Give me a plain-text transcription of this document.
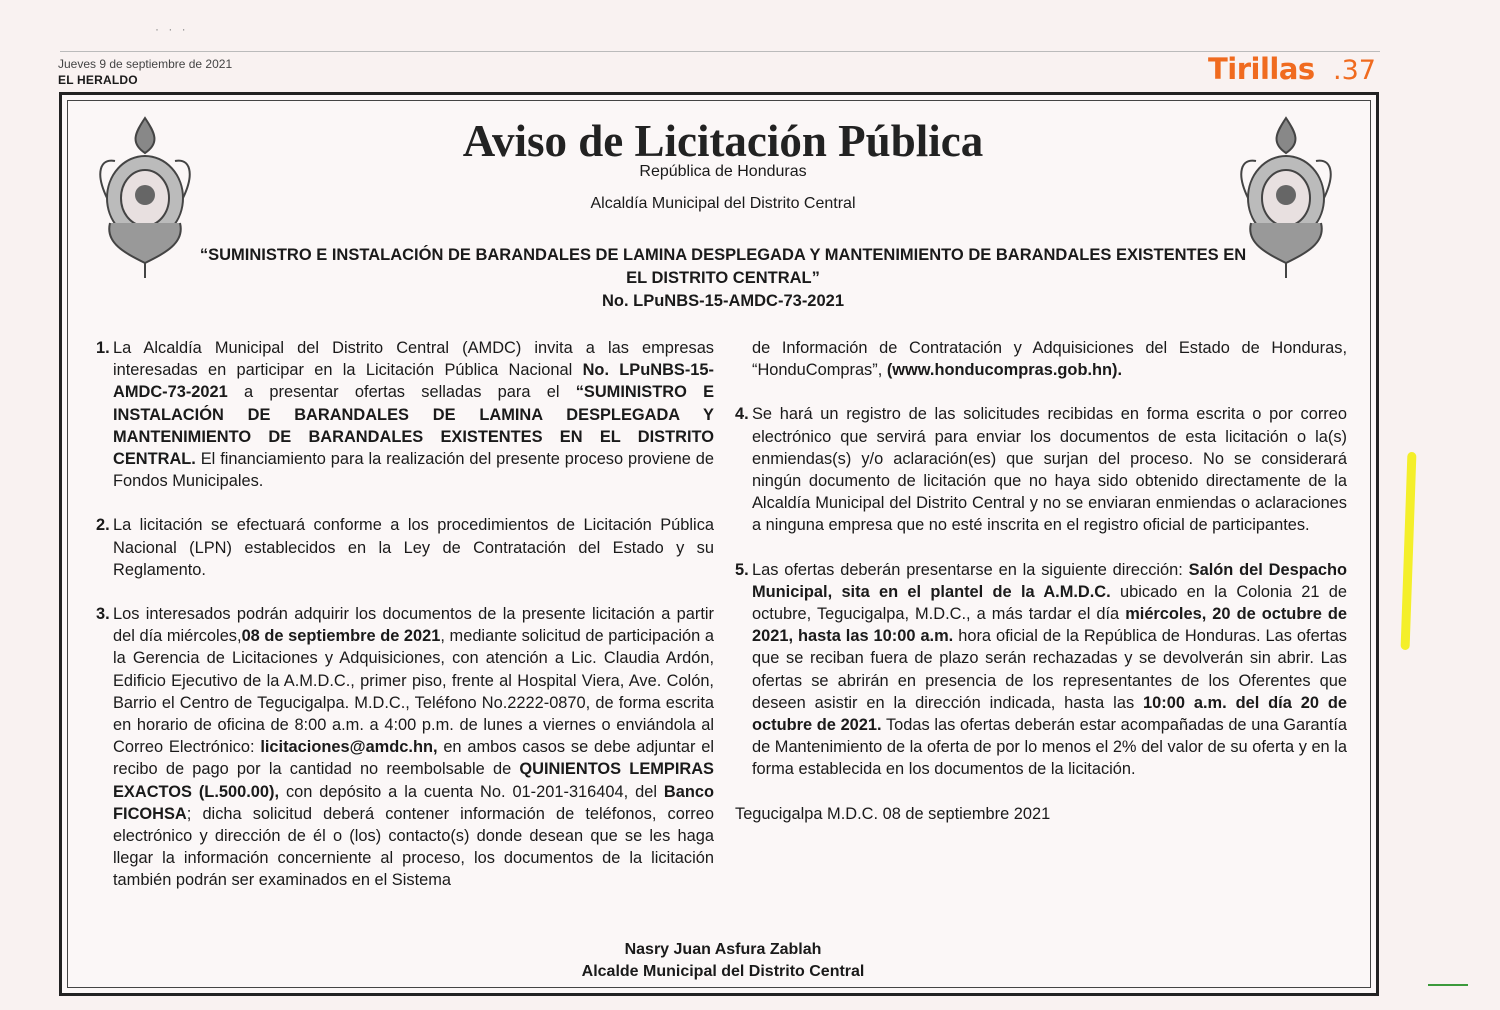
· · ·
Jueves 9 de septiembre de 2021
EL HERALDO	Tirillas .37
Aviso de Licitación Pública
República de Honduras
Alcaldía Municipal del Distrito Central
“SUMINISTRO E INSTALACIÓN DE BARANDALES DE LAMINA DESPLEGADA Y MANTENIMIENTO DE BARANDALES EXISTENTES EN EL DISTRITO CENTRAL”
No. LPuNBS-15-AMDC-73-2021
1. La Alcaldía Municipal del Distrito Central (AMDC) invita a las empresas interesadas en participar en la Licitación Pública Nacional No. LPuNBS-15-AMDC-73-2021 a presentar ofertas selladas para el “SUMINISTRO E INSTALACIÓN DE BARANDALES DE LAMINA DESPLEGADA Y MANTENIMIENTO DE BARANDALES EXISTENTES EN EL DISTRITO CENTRAL. El financiamiento para la realización del presente proceso proviene de Fondos Municipales.

2. La licitación se efectuará conforme a los procedimientos de Licitación Pública Nacional (LPN) establecidos en la Ley de Contratación del Estado y su Reglamento.

3. Los interesados podrán adquirir los documentos de la presente licitación a partir del día miércoles,08 de septiembre de 2021, mediante solicitud de participación a la Gerencia de Licitaciones y Adquisiciones, con atención a Lic. Claudia Ardón, Edificio Ejecutivo de la A.M.D.C., primer piso, frente al Hospital Viera, Ave. Colón, Barrio el Centro de Tegucigalpa. M.D.C., Teléfono No.2222-0870, de forma escrita en horario de oficina de 8:00 a.m. a 4:00 p.m. de lunes a viernes o enviándola al Correo Electrónico: licitaciones@amdc.hn, en ambos casos se debe adjuntar el recibo de pago por la cantidad no reembolsable de QUINIENTOS LEMPIRAS EXACTOS (L.500.00), con depósito a la cuenta No. 01-201-316404, del Banco FICOHSA; dicha solicitud deberá contener información de teléfonos, correo electrónico y dirección de él o (los) contacto(s) donde desean que se les haga llegar la información concerniente al proceso, los documentos de la licitación también podrán ser examinados en el Sistema

de Información de Contratación y Adquisiciones del Estado de Honduras, “HonduCompras”, (www.honducompras.gob.hn).

4. Se hará un registro de las solicitudes recibidas en forma escrita o por correo electrónico que servirá para enviar los documentos de esta licitación o la(s) enmiendas(s) y/o aclaración(es) que surjan del proceso. No se considerará ningún documento de licitación que no haya sido obtenido directamente de la Alcaldía Municipal del Distrito Central y no se enviaran enmiendas o aclaraciones a ninguna empresa que no esté inscrita en el registro oficial de participantes.

5. Las ofertas deberán presentarse en la siguiente dirección: Salón del Despacho Municipal, sita en el plantel de la A.M.D.C. ubicado en la Colonia 21 de octubre, Tegucigalpa, M.D.C., a más tardar el día miércoles, 20 de octubre de 2021, hasta las 10:00 a.m. hora oficial de la República de Honduras. Las ofertas que se reciban fuera de plazo serán rechazadas y se devolverán sin abrir. Las ofertas se abrirán en presencia de los representantes de los Oferentes que deseen asistir en la dirección indicada, hasta las 10:00 a.m. del día 20 de octubre de 2021. Todas las ofertas deberán estar acompañadas de una Garantía de Mantenimiento de la oferta de por lo menos el 2% del valor de su oferta y en la forma establecida en los documentos de la licitación.

Tegucigalpa M.D.C. 08 de septiembre 2021
Nasry Juan Asfura Zablah
Alcalde Municipal del Distrito Central
